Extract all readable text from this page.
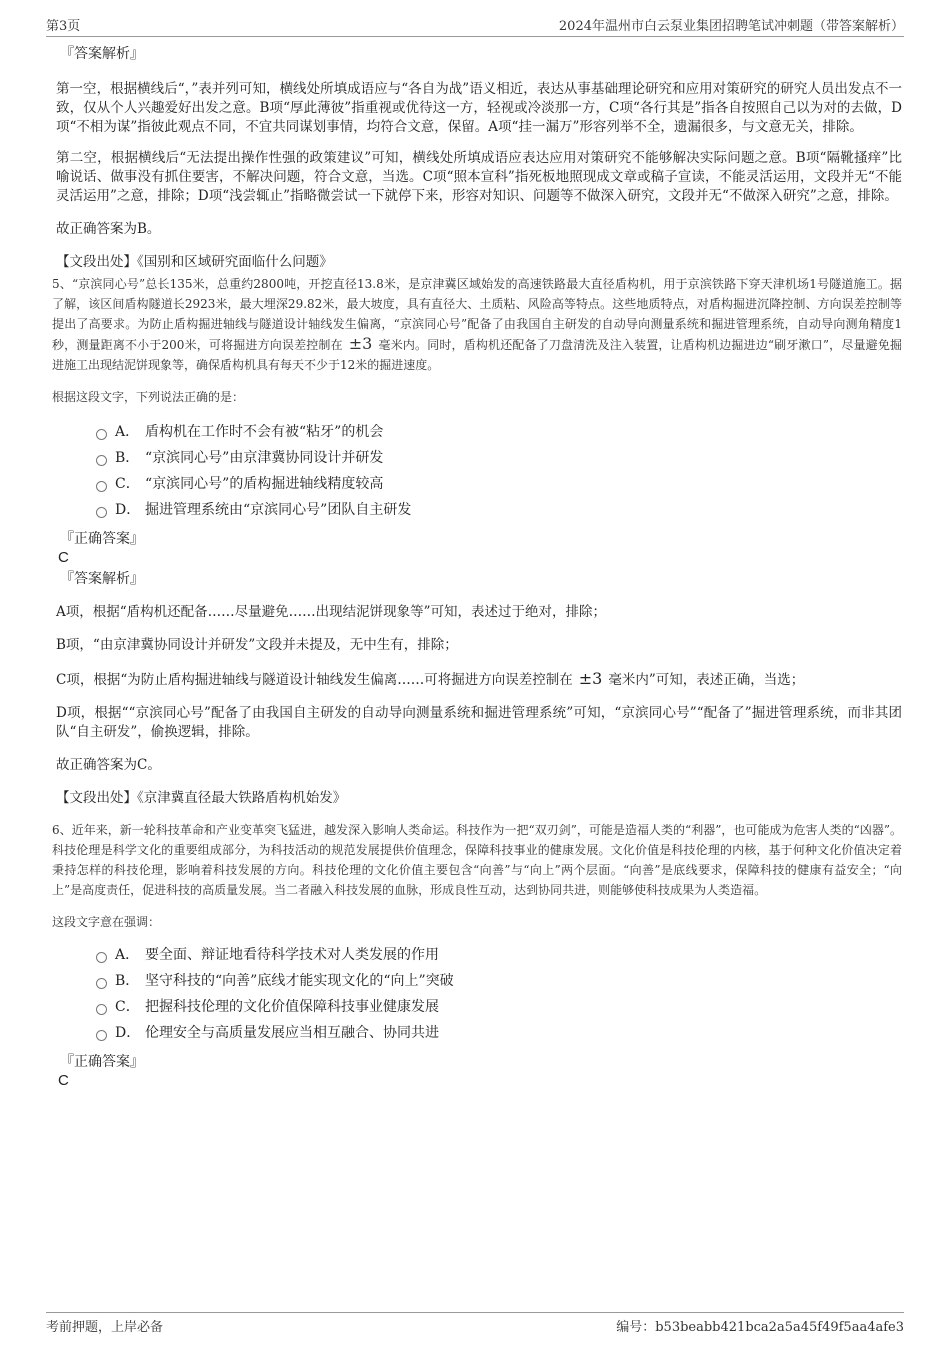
第3页	2024年温州市白云泵业集团招聘笔试冲刺题（带答案解析）
『答案解析』

第一空，根据横线后“，”表并列可知，横线处所填成语应与“各自为战”语义相近，表达从事基础理论研究和应用对策研究的研究人员出发点不一致，仅从个人兴趣爱好出发之意。B项“厚此薄彼”指重视或优待这一方，轻视或冷淡那一方，C项“各行其是”指各自按照自己以为对的去做，D项“不相为谋”指彼此观点不同，不宜共同谋划事情，均符合文意，保留。A项“挂一漏万”形容列举不全，遗漏很多，与文意无关，排除。

第二空，根据横线后“无法提出操作性强的政策建议”可知，横线处所填成语应表达应用对策研究不能够解决实际问题之意。B项“隔靴搔痒”比喻说话、做事没有抓住要害，不解决问题，符合文意，当选。C项“照本宣科”指死板地照现成文章或稿子宣读，不能灵活运用，文段并无“不能灵活运用”之意，排除；D项“浅尝辄止”指略微尝试一下就停下来，形容对知识、问题等不做深入研究，文段并无“不做深入研究”之意，排除。

故正确答案为B。

【文段出处】《国别和区域研究面临什么问题》

5、“京滨同心号”总长135米，总重约2800吨，开挖直径13.8米，是京津冀区域始发的高速铁路最大直径盾构机，用于京滨铁路下穿天津机场1号隧道施工。据了解，该区间盾构隧道长2923米，最大埋深29.82米，最大坡度，具有直径大、土质粘、风险高等特点。这些地质特点，对盾构掘进沉降控制、方向误差控制等提出了高要求。为防止盾构掘进轴线与隧道设计轴线发生偏离，“京滨同心号”配备了由我国自主研发的自动导向测量系统和掘进管理系统，自动导向测角精度1秒，测量距离不小于200米，可将掘进方向误差控制在 ±3 毫米内。同时，盾构机还配备了刀盘清洗及注入装置，让盾构机边掘进边“刷牙漱口”，尽量避免掘进施工出现结泥饼现象等，确保盾构机具有每天不少于12米的掘进速度。

根据这段文字，下列说法正确的是：

A． 盾构机在工作时不会有被“粘牙”的机会
B． “京滨同心号”由京津冀协同设计并研发
C． “京滨同心号”的盾构掘进轴线精度较高
D． 掘进管理系统由“京滨同心号”团队自主研发
『正确答案』
C
『答案解析』

A项，根据“盾构机还配备……尽量避免……出现结泥饼现象等”可知，表述过于绝对，排除；

B项，“由京津冀协同设计并研发”文段并未提及，无中生有，排除；

C项，根据“为防止盾构掘进轴线与隧道设计轴线发生偏离……可将掘进方向误差控制在 ±3 毫米内”可知，表述正确，当选；

D项，根据““京滨同心号”配备了由我国自主研发的自动导向测量系统和掘进管理系统”可知，“京滨同心号”“配备了”掘进管理系统，而非其团队“自主研发”，偷换逻辑，排除。

故正确答案为C。

【文段出处】《京津冀直径最大铁路盾构机始发》

6、近年来，新一轮科技革命和产业变革突飞猛进，越发深入影响人类命运。科技作为一把“双刃剑”，可能是造福人类的“利器”，也可能成为危害人类的“凶器”。科技伦理是科学文化的重要组成部分，为科技活动的规范发展提供价值理念，保障科技事业的健康发展。文化价值是科技伦理的内核，基于何种文化价值决定着秉持怎样的科技伦理，影响着科技发展的方向。科技伦理的文化价值主要包含“向善”与“向上”两个层面。“向善”是底线要求，保障科技的健康有益安全；“向上”是高度责任，促进科技的高质量发展。当二者融入科技发展的血脉，形成良性互动，达到协同共进，则能够使科技成果为人类造福。

这段文字意在强调：

A． 要全面、辩证地看待科学技术对人类发展的作用
B． 坚守科技的“向善”底线才能实现文化的“向上”突破
C． 把握科技伦理的文化价值保障科技事业健康发展
D． 伦理安全与高质量发展应当相互融合、协同共进
『正确答案』
C
考前押题，上岸必备	编号：b53beabb421bca2a5a45f49f5aa4afe3
